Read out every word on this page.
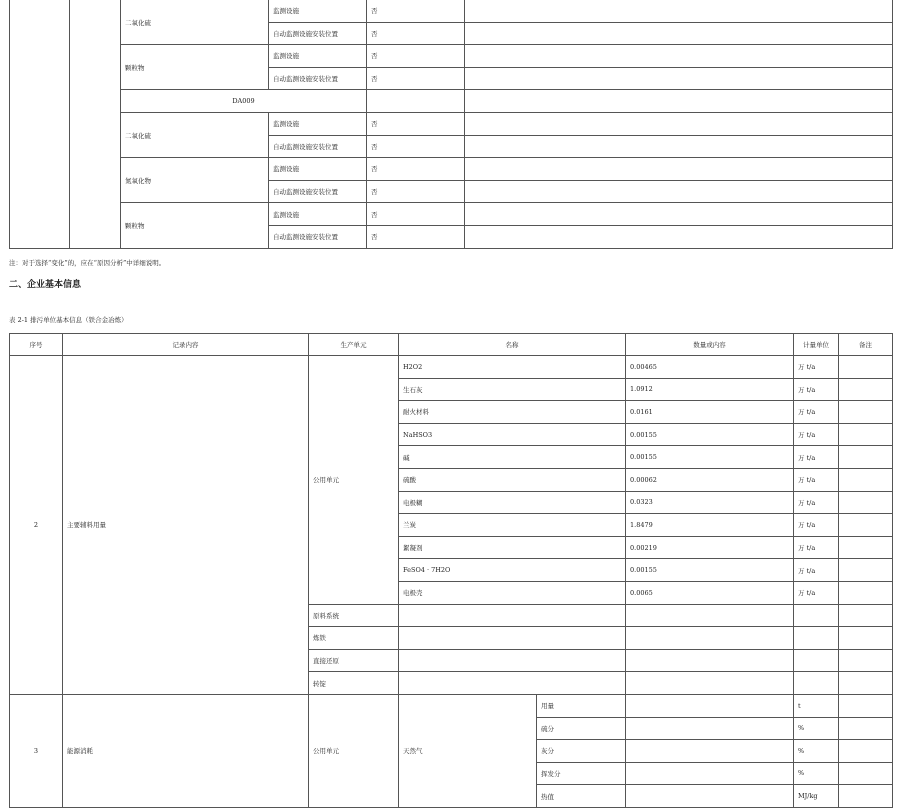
		二氧化硫	监测设施	否	
			自动监测设施安装位置	否	
		颗粒物	监测设施	否	
			自动监测设施安装位置	否	
		DA009			
		二氧化硫	监测设施	否	
			自动监测设施安装位置	否	
		氮氧化物	监测设施	否	
			自动监测设施安装位置	否	
		颗粒物	监测设施	否	
			自动监测设施安装位置	否	
注：对于选择“变化”的，应在“原因分析”中详细说明。
二、企业基本信息
表 2-1 排污单位基本信息（铁合金冶炼）
序号	记录内容	生产单元	名称		数量或内容	计量单位	备注
2	主要辅料用量	公用单元	H2O2		0.00465	万 t/a	
			生石灰		1.0912	万 t/a	
			耐火材料		0.0161	万 t/a	
			NaHSO3		0.00155	万 t/a	
			碱		0.00155	万 t/a	
			硫酸		0.00062	万 t/a	
			电极糊		0.0323	万 t/a	
			兰炭		1.8479	万 t/a	
			絮凝剂		0.00219	万 t/a	
			FeSO4 · 7H2O		0.00155	万 t/a	
			电极壳		0.0065	万 t/a	
		原料系统					
		炼铁					
		直接还原					
		转锭					
3	能源消耗	公用单元	天然气	用量		t	
				硫分		%	
				灰分		%	
				挥发分		%	
				热值		MJ/kg	
